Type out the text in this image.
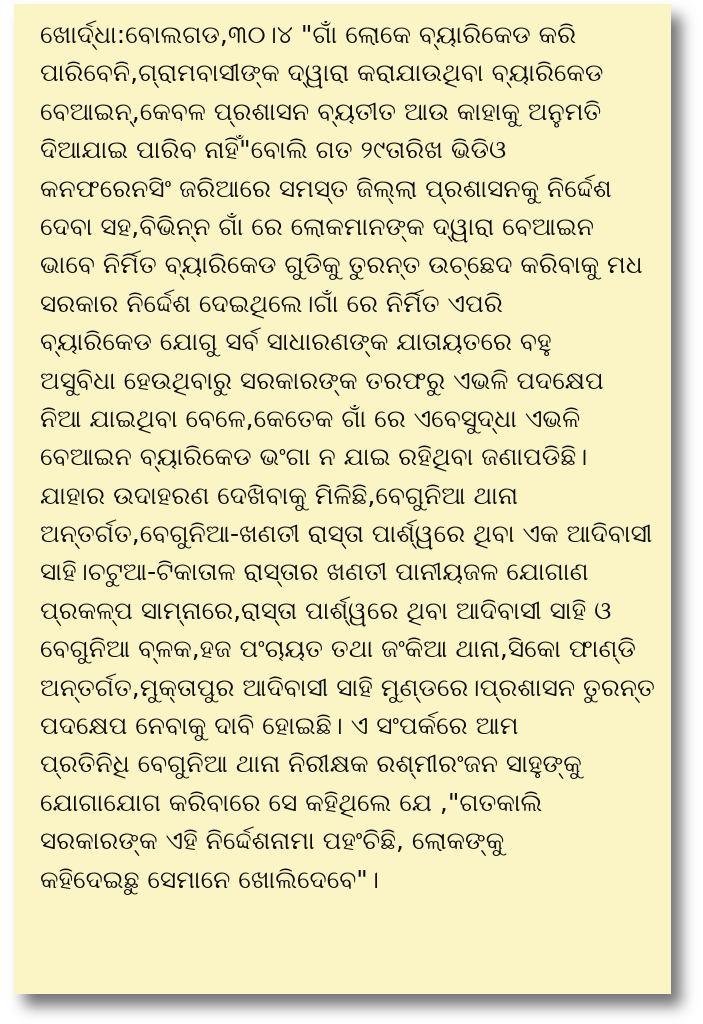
ଖୋର୍ଦ୍ଧା:ବୋଲଗଡ,୩୦।୪ "ଗାଁ ଲୋକେ ବ୍ୟାରିକେଡ କରି
ପାରିବେନି,ଗ୍ରାମବାସୀଙ୍କ ଦ୍ୱାରା କରାଯାଉଥିବା ବ୍ୟାରିକେଡ
ବେଆଇନ୍,କେବଳ ପ୍ରଶାସନ ବ୍ୟତୀତ ଆଉ କାହାକୁ ଅନୁମତି
ଦିଆଯାଇ ପାରିବ ନାହିଁ"ବୋଲି ଗତ ୨୯ତାରିଖ ଭିଡିଓ
କନଫରେନସିଂ ଜରିଆରେ ସମସ୍ତ ଜିଲ୍ଲା ପ୍ରଶାସନକୁ ନିର୍ଦ୍ଦେଶ
ଦେବା ସହ,ବିଭିନ୍ନ ଗାଁ ରେ ଲୋକମାନଙ୍କ ଦ୍ୱାରା ବେଆଇନ
ଭାବେ ନିର୍ମିତ ବ୍ୟାରିକେଡ ଗୁଡିକୁ ତୁରନ୍ତ ଉଚ୍ଛେଦ କରିବାକୁ ମଧ
ସରକାର ନିର୍ଦ୍ଦେଶ ଦେଇଥିଲେ।ଗାଁ ରେ ନିର୍ମିତ ଏପରି
ବ୍ୟାରିକେଡ ଯୋଗୁ ସର୍ବ ସାଧାରଣଙ୍କ ଯାତାୟତରେ ବହୁ
ଅସୁବିଧା ହେଉଥିବାରୁ ସରକାରଙ୍କ ତରଫରୁ ଏଭଳି ପଦକ୍ଷେପ
ନିଆ ଯାଇଥିବା ବେଳେ,କେତେକ ଗାଁ ରେ ଏବେସୁଦ୍ଧା ଏଭଳି
ବେଆଇନ ବ୍ୟାରିକେଡ ଭଂଗା ନ ଯାଇ ରହିଥିବା ଜଣାପଡିଛି।
ଯାହାର ଉଦାହରଣ ଦେଖିବାକୁ ମିଳିଛି,ବେଗୁନିଆ ଥାନା
ଅନ୍ତର୍ଗତ,ବେଗୁନିଆ-ଖଣତୀ ରାସ୍ତା ପାର୍ଶ୍ୱରେ ଥିବା ଏକ ଆଦିବାସୀ
ସାହି।ଚଟୁଆ-ଟିକାତାଳ ରାସ୍ତାର ଖଣତୀ ପାନୀୟଜଳ ଯୋଗାଣ
ପ୍ରକଳ୍ପ ସାମ୍ନାରେ,ରାସ୍ତା ପାର୍ଶ୍ୱରେ ଥିବା ଆଦିବାସୀ ସାହି ଓ
ବେଗୁନିଆ ବ୍ଳକ,ହଜ ପଂଚାୟତ ତଥା ଜଂକିଆ ଥାନା,ସିକୋ ଫାଣ୍ଡି
ଅନ୍ତର୍ଗତ,ମୁକ୍ତାପୁର ଆଦିବାସୀ ସାହି ମୁଣ୍ଡରେ।ପ୍ରଶାସନ ତୁରନ୍ତ
ପଦକ୍ଷେପ ନେବାକୁ ଦାବି ହୋଇଛି। ଏ ସଂପର୍କରେ ଆମ
ପ୍ରତିନିଧି ବେଗୁନିଆ ଥାନା ନିରୀକ୍ଷକ ରଶ୍ମୀରଂଜନ ସାହୁଙ୍କୁ
ଯୋଗାଯୋଗ କରିବାରେ ସେ କହିଥିଲେ ଯେ ,"ଗତକାଲି
ସରକାରଙ୍କ ଏହି ନିର୍ଦ୍ଦେଶନାମା ପହଂଚିଛି, ଲୋକଙ୍କୁ
କହିଦେଇଛୁ ସେମାନେ ଖୋଲିଦେବେ"।
